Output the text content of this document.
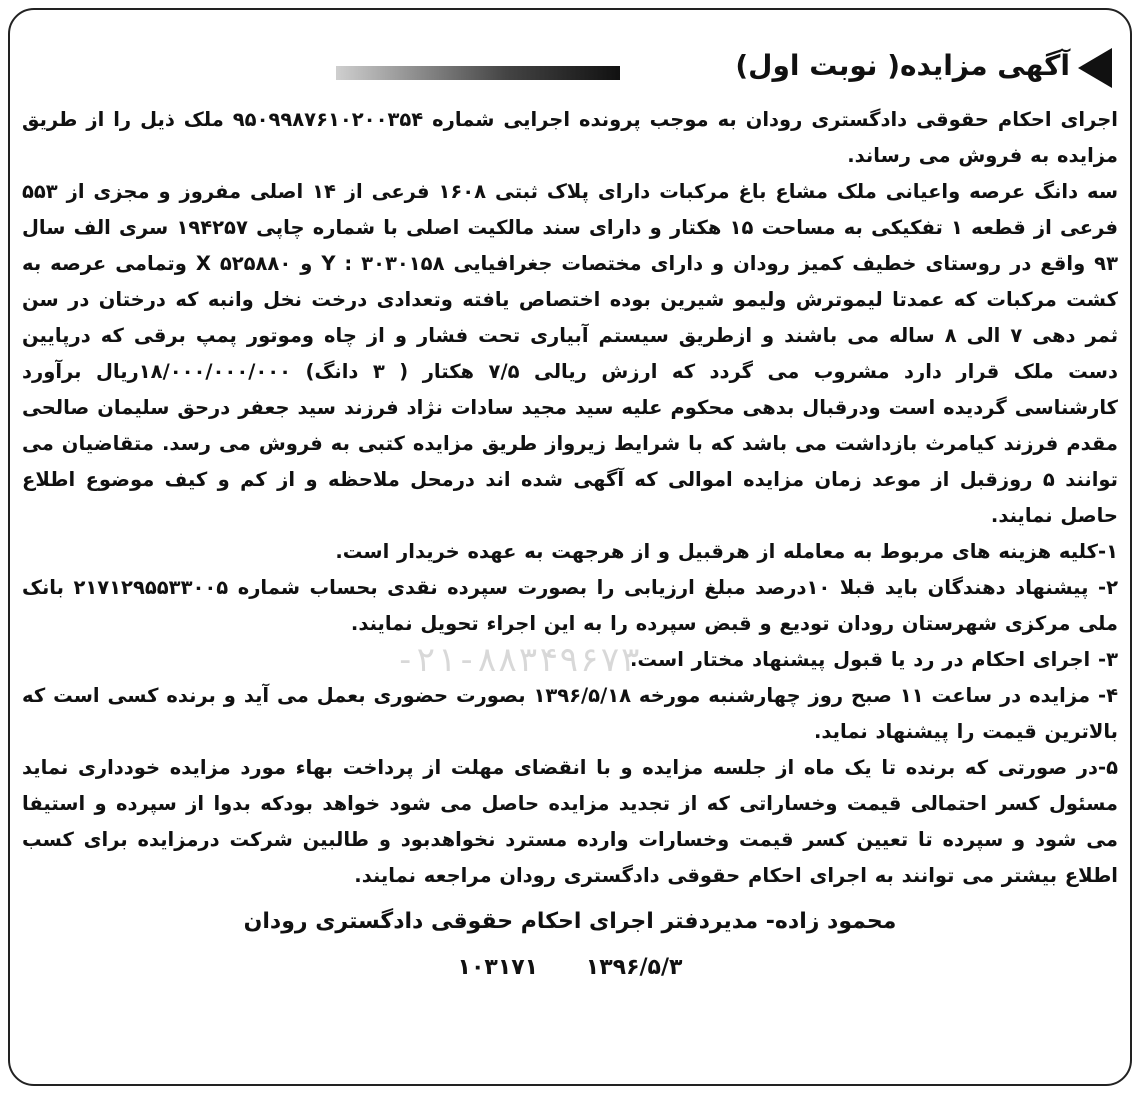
-۲۱-۸۸۳۴۹۶۷۳
آگهی مزایده( نوبت اول)

اجرای احکام حقوقی دادگستری رودان به موجب پرونده اجرایی شماره ۹۵۰۹۹۸۷۶۱۰۲۰۰۳۵۴ ملک ذیل را از طریق مزایده به فروش می رساند.

سه دانگ عرصه واعیانی ملک مشاع باغ مرکبات دارای پلاک ثبتی ۱۶۰۸ فرعی از ۱۴ اصلی مفروز و مجزی از ۵۵۳ فرعی از قطعه ۱ تفکیکی به مساحت ۱۵ هکتار و دارای سند مالکیت اصلی با شماره چاپی ۱۹۴۲۵۷ سری الف سال ۹۳ واقع در روستای خطیف کمیز رودان و دارای مختصات جغرافیایی ۳۰۳۰۱۵۸ : Y و ۵۲۵۸۸۰ X وتمامی عرصه به کشت مرکبات که عمدتا لیموترش ولیمو شیرین بوده اختصاص یافته وتعدادی درخت نخل وانبه که درختان در سن ثمر دهی ۷ الی ۸ ساله می باشند و ازطریق سیستم آبیاری تحت فشار و از چاه وموتور پمپ برقی که درپایین دست ملک قرار دارد مشروب می گردد که ارزش ریالی ۷/۵ هکتار ( ۳ دانگ) ۱۸/۰۰۰/۰۰۰/۰۰۰ریال برآورد کارشناسی گردیده است ودرقبال بدهی محکوم علیه سید مجید سادات نژاد فرزند سید جعفر درحق سلیمان صالحی مقدم فرزند کیامرث بازداشت می باشد که با شرایط زیرواز طریق مزایده کتبی به فروش می رسد. متقاضیان می توانند ۵ روزقبل از موعد زمان مزایده اموالی که آگهی شده اند درمحل ملاحظه و از کم و کیف موضوع اطلاع حاصل نمایند.

۱-کلیه هزینه های مربوط به معامله از هرقبیل و از هرجهت به عهده خریدار است.

۲- پیشنهاد دهندگان باید قبلا ۱۰درصد مبلغ ارزیابی را بصورت سپرده نقدی بحساب شماره ۲۱۷۱۲۹۵۵۳۳۰۰۵ بانک ملی مرکزی شهرستان رودان تودیع و قبض سپرده را به این اجراء تحویل نمایند.

۳- اجرای احکام در رد یا قبول پیشنهاد مختار است.

۴- مزایده در ساعت ۱۱ صبح روز چهارشنبه مورخه ۱۳۹۶/۵/۱۸ بصورت حضوری بعمل می آید و برنده کسی است که بالاترین قیمت را پیشنهاد نماید.

۵-در صورتی که برنده تا یک ماه از جلسه مزایده و با انقضای مهلت از پرداخت بهاء مورد مزایده خودداری نماید مسئول کسر احتمالی قیمت وخساراتی که از تجدید مزایده حاصل می شود خواهد بودکه بدوا از سپرده و استیفا می شود و سپرده تا تعیین کسر قیمت وخسارات وارده مسترد نخواهدبود و طالبین شرکت درمزایده برای کسب اطلاع بیشتر می توانند به اجرای احکام حقوقی دادگستری رودان مراجعه نمایند.

محمود زاده- مدیردفتر اجرای احکام حقوقی دادگستری رودان
۱۳۹۶/۵/۳ ۱۰۳۱۷۱
